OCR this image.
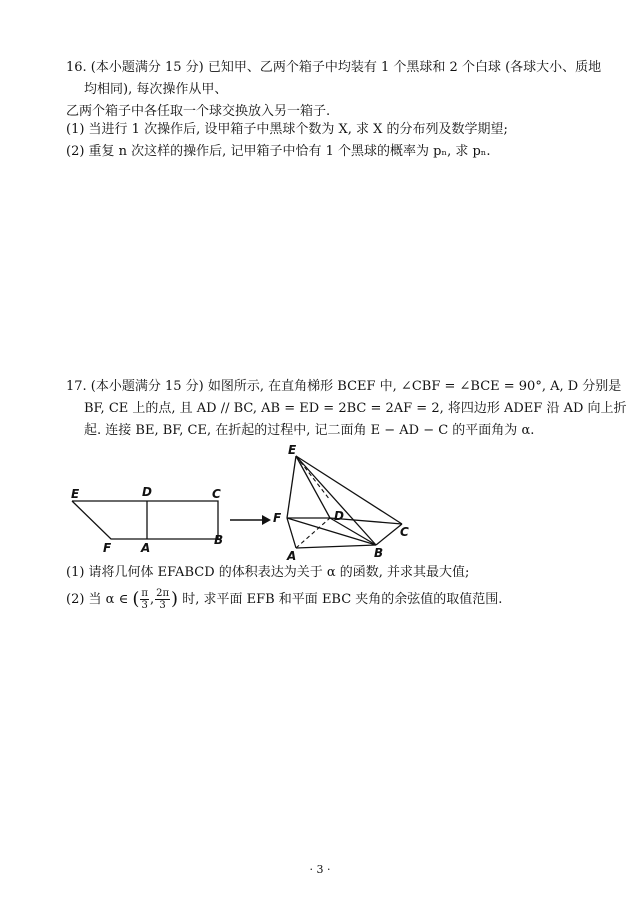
16. (本小题满分 15 分) 已知甲、乙两个箱子中均装有 1 个黑球和 2 个白球 (各球大小、质地
均相同), 每次操作从甲、
乙两个箱子中各任取一个球交换放入另一箱子.
(1) 当进行 1 次操作后, 设甲箱子中黑球个数为 X, 求 X 的分布列及数学期望;
(2) 重复 n 次这样的操作后, 记甲箱子中恰有 1 个黑球的概率为 pₙ, 求 pₙ.
17. (本小题满分 15 分) 如图所示, 在直角梯形 BCEF 中, ∠CBF = ∠BCE = 90°, A, D 分别是
BF, CE 上的点, 且 AD // BC, AB = ED = 2BC = 2AF = 2, 将四边形 ADEF 沿 AD 向上折
起. 连接 BE, BF, CE, 在折起的过程中, 记二面角 E − AD − C 的平面角为 α.
E	D	C
F A
B
E
F	D
C
A	B
(1) 请将几何体 EFABCD 的体积表达为关于 α 的函数, 并求其最大值;
(2) 当 α ∈ ( $\frac{\pi}{3}$ , $\frac{2\pi}{3}$ ) 时, 求平面 EFB 和平面 EBC 夹角的余弦值的取值范围.
· 3 ·
